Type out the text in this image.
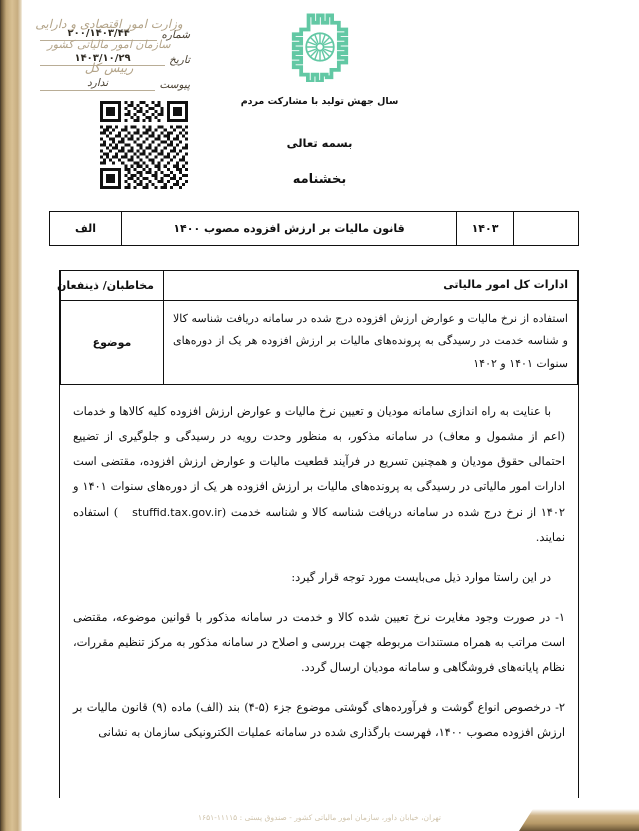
شماره
۲۰۰/۱۴۰۳/۴۴
تاریخ
۱۴۰۳/۱۰/۲۹
پیوست
ندارد
سال جهش تولید با مشارکت مردم
وزارت امور اقتصادی و دارایی
سازمان امور مالیاتی کشور
رییس کل
بسمه تعالی
بخشنامه
	۱۴۰۳	قانون مالیات بر ارزش افزوده مصوب ۱۴۰۰	الف
ادارات کل امور مالیاتی	مخاطبان/ ذینفعان
استفاده از نرخ مالیات و عوارض ارزش افزوده درج شده در سامانه دریافت شناسه کالا و شناسه خدمت در رسیدگی به پرونده‌های مالیات بر ارزش افزوده هر یک از دوره‌های سنوات ۱۴۰۱ و ۱۴۰۲	موضوع

با عنایت به راه اندازی سامانه مودیان و تعیین نرخ مالیات و عوارض ارزش افزوده کلیه کالاها و خدمات (اعم از مشمول و معاف) در سامانه مذکور، به منظور وحدت رویه در رسیدگی و جلوگیری از تضییع احتمالی حقوق مودیان و همچنین تسریع در فرآیند قطعیت مالیات و عوارض ارزش افزوده، مقتضی است ادارات امور مالیاتی در رسیدگی به پرونده‌های مالیات بر ارزش افزوده هر یک از دوره‌های سنوات ۱۴۰۱ و ۱۴۰۲ از نرخ درج شده در سامانه دریافت شناسه کالا و شناسه خدمت (stuffid.tax.gov.ir) استفاده نمایند.

در این راستا موارد ذیل می‌بایست مورد توجه قرار گیرد:

۱- در صورت وجود مغایرت نرخ تعیین شده کالا و خدمت در سامانه مذکور با قوانین موضوعه، مقتضی است مراتب به همراه مستندات مربوطه جهت بررسی و اصلاح در سامانه مذکور به مرکز تنظیم مقررات، نظام پایانه‌های فروشگاهی و سامانه مودیان ارسال گردد.

۲- درخصوص انواع گوشت و فرآورده‌های گوشتی موضوع جزء (۵-۴) بند (الف) ماده (۹) قانون مالیات بر ارزش افزوده مصوب ۱۴۰۰، فهرست بارگذاری شده در سامانه عملیات الکترونیکی سازمان به نشانی

تهران، خیابان داور، سازمان امور مالیاتی کشور - صندوق پستی : ۱۱۱۱۵-۱۶۵۱
